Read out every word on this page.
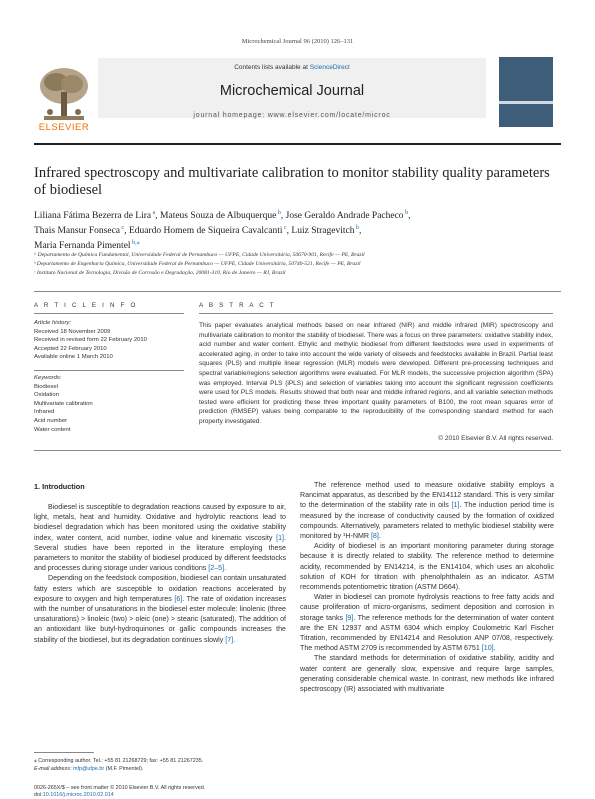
Microchemical Journal 96 (2010) 126–131
Contents lists available at ScienceDirect
Microchemical Journal
journal homepage: www.elsevier.com/locate/microc
ELSEVIER
Infrared spectroscopy and multivariate calibration to monitor stability quality parameters of biodiesel
Liliana Fátima Bezerra de Lira $^a$, Mateus Souza de Albuquerque $^b$, Jose Geraldo Andrade Pacheco $^b$,
Thais Mansur Fonseca $^c$, Eduardo Homem de Siqueira Cavalcanti $^c$, Luiz Stragevitch $^b$,
Maria Fernanda Pimentel $^{b,⁎}$
ᵃ Departamento de Química Fundamental, Universidade Federal de Pernambuco — UFPE, Cidade Universitária, 50670-901, Recife — PE, Brazil
ᵇ Departamento de Engenharia Química, Universidade Federal de Pernambuco — UFPE, Cidade Universitária, 50740-521, Recife — PE, Brazil
ᶜ Instituto Nacional de Tecnologia, Divisão de Corrosão e Degradação, 20081-310, Rio de Janeiro — RJ, Brazil
A R T I C L E I N F O
Article history:
Received 18 November 2009
Received in revised form 22 February 2010
Accepted 22 February 2010
Available online 1 March 2010
Keywords:
Biodiesel
Oxidation
Multivariate calibration
Infrared
Acid number
Water content
A B S T R A C T
This paper evaluates analytical methods based on near infrared (NIR) and middle infrared (MIR) spectroscopy and multivariate calibration to monitor the stability of biodiesel. There was a focus on three parameters: oxidative stability index, acid number and water content. Ethylic and methylic biodiesel from different feedstocks were used in experiments of accelerated aging, in order to take into account the wide variety of oilseeds and feedstocks available in Brazil. Partial least squares (PLS) and multiple linear regression (MLR) models were developed. Different pre-processing techniques and spectral variable/regions selection algorithms were evaluated. For MLR models, the successive projection algorithm (SPA) was employed. Interval PLS (iPLS) and selection of variables taking into account the significant regression coefficients were used for PLS models. Results showed that both near and middle infrared regions, and all variable selection methods tested were efficient for predicting these three important quality parameters of B100, the root mean squares error of prediction (RMSEP) values being comparable to the reproducibility of the corresponding standard method for each property investigated.
© 2010 Elsevier B.V. All rights reserved.
1. Introduction

Biodiesel is susceptible to degradation reactions caused by exposure to air, light, metals, heat and humidity. Oxidative and hydrolytic reactions lead to biodiesel degradation which has been monitored using the oxidative stability index, water content, acid number, iodine value and kinematic viscosity [1]. Several studies have been reported in the literature employing these parameters to monitor the stability of biodiesel produced by different feedstocks and processes during storage under various conditions [2–5].

Depending on the feedstock composition, biodiesel can contain unsaturated fatty esters which are susceptible to oxidation reactions accelerated by exposure to oxygen and high temperatures [6]. The rate of oxidation increases with the number of unsaturations in the biodiesel ester molecule: linolenic (three unsaturations) > linoleic (two) > oleic (one) > stearic (saturated). The addition of an antioxidant like butyl-hydroquinones or gallic compounds increases the stability of the biodiesel, but its degradation continues slowly [7].

The reference method used to measure oxidative stability employs a Rancimat apparatus, as described by the EN14112 standard. This is very similar to the determination of the stability rate in oils [1]. The induction period time is measured by the increase of conductivity caused by the formation of oxidized compounds. Alternatively, parameters related to methylic biodiesel stability were monitored by ¹H-NMR [8].

Acidity of biodiesel is an important monitoring parameter during storage because it is directly related to stability. The reference method to determine acidity, recommended by EN14214, is the EN14104, which uses an alcoholic solution of KOH for titration with phenolphthalein as an indicator. ASTM recommends potentiometric titration (ASTM D664).

Water in biodiesel can promote hydrolysis reactions to free fatty acids and cause proliferation of micro-organisms, sediment deposition and corrosion in storage tanks [9]. The reference methods for the determination of water content are the EN 12937 and ASTM 6304 which employ Coulometric Karl Fischer Titration, recommended by EN14214 and Resolution ANP 07/08, respectively. The method ASTM 2709 is recommended by ASTM 6751 [10].

The standard methods for determination of oxidative stability, acidity and water content are generally slow, expensive and require large samples, generating considerable chemical waste. In contrast, new methods like infrared spectroscopy (IR) associated with multivariate

⁎ Corresponding author. Tel.: +55 81 21268729; fax: +55 81 21267235.
E-mail address: mfp@ufpe.br (M.F. Pimentel).
0026-265X/$ – see front matter © 2010 Elsevier B.V. All rights reserved.
doi:10.1016/j.microc.2010.02.014
